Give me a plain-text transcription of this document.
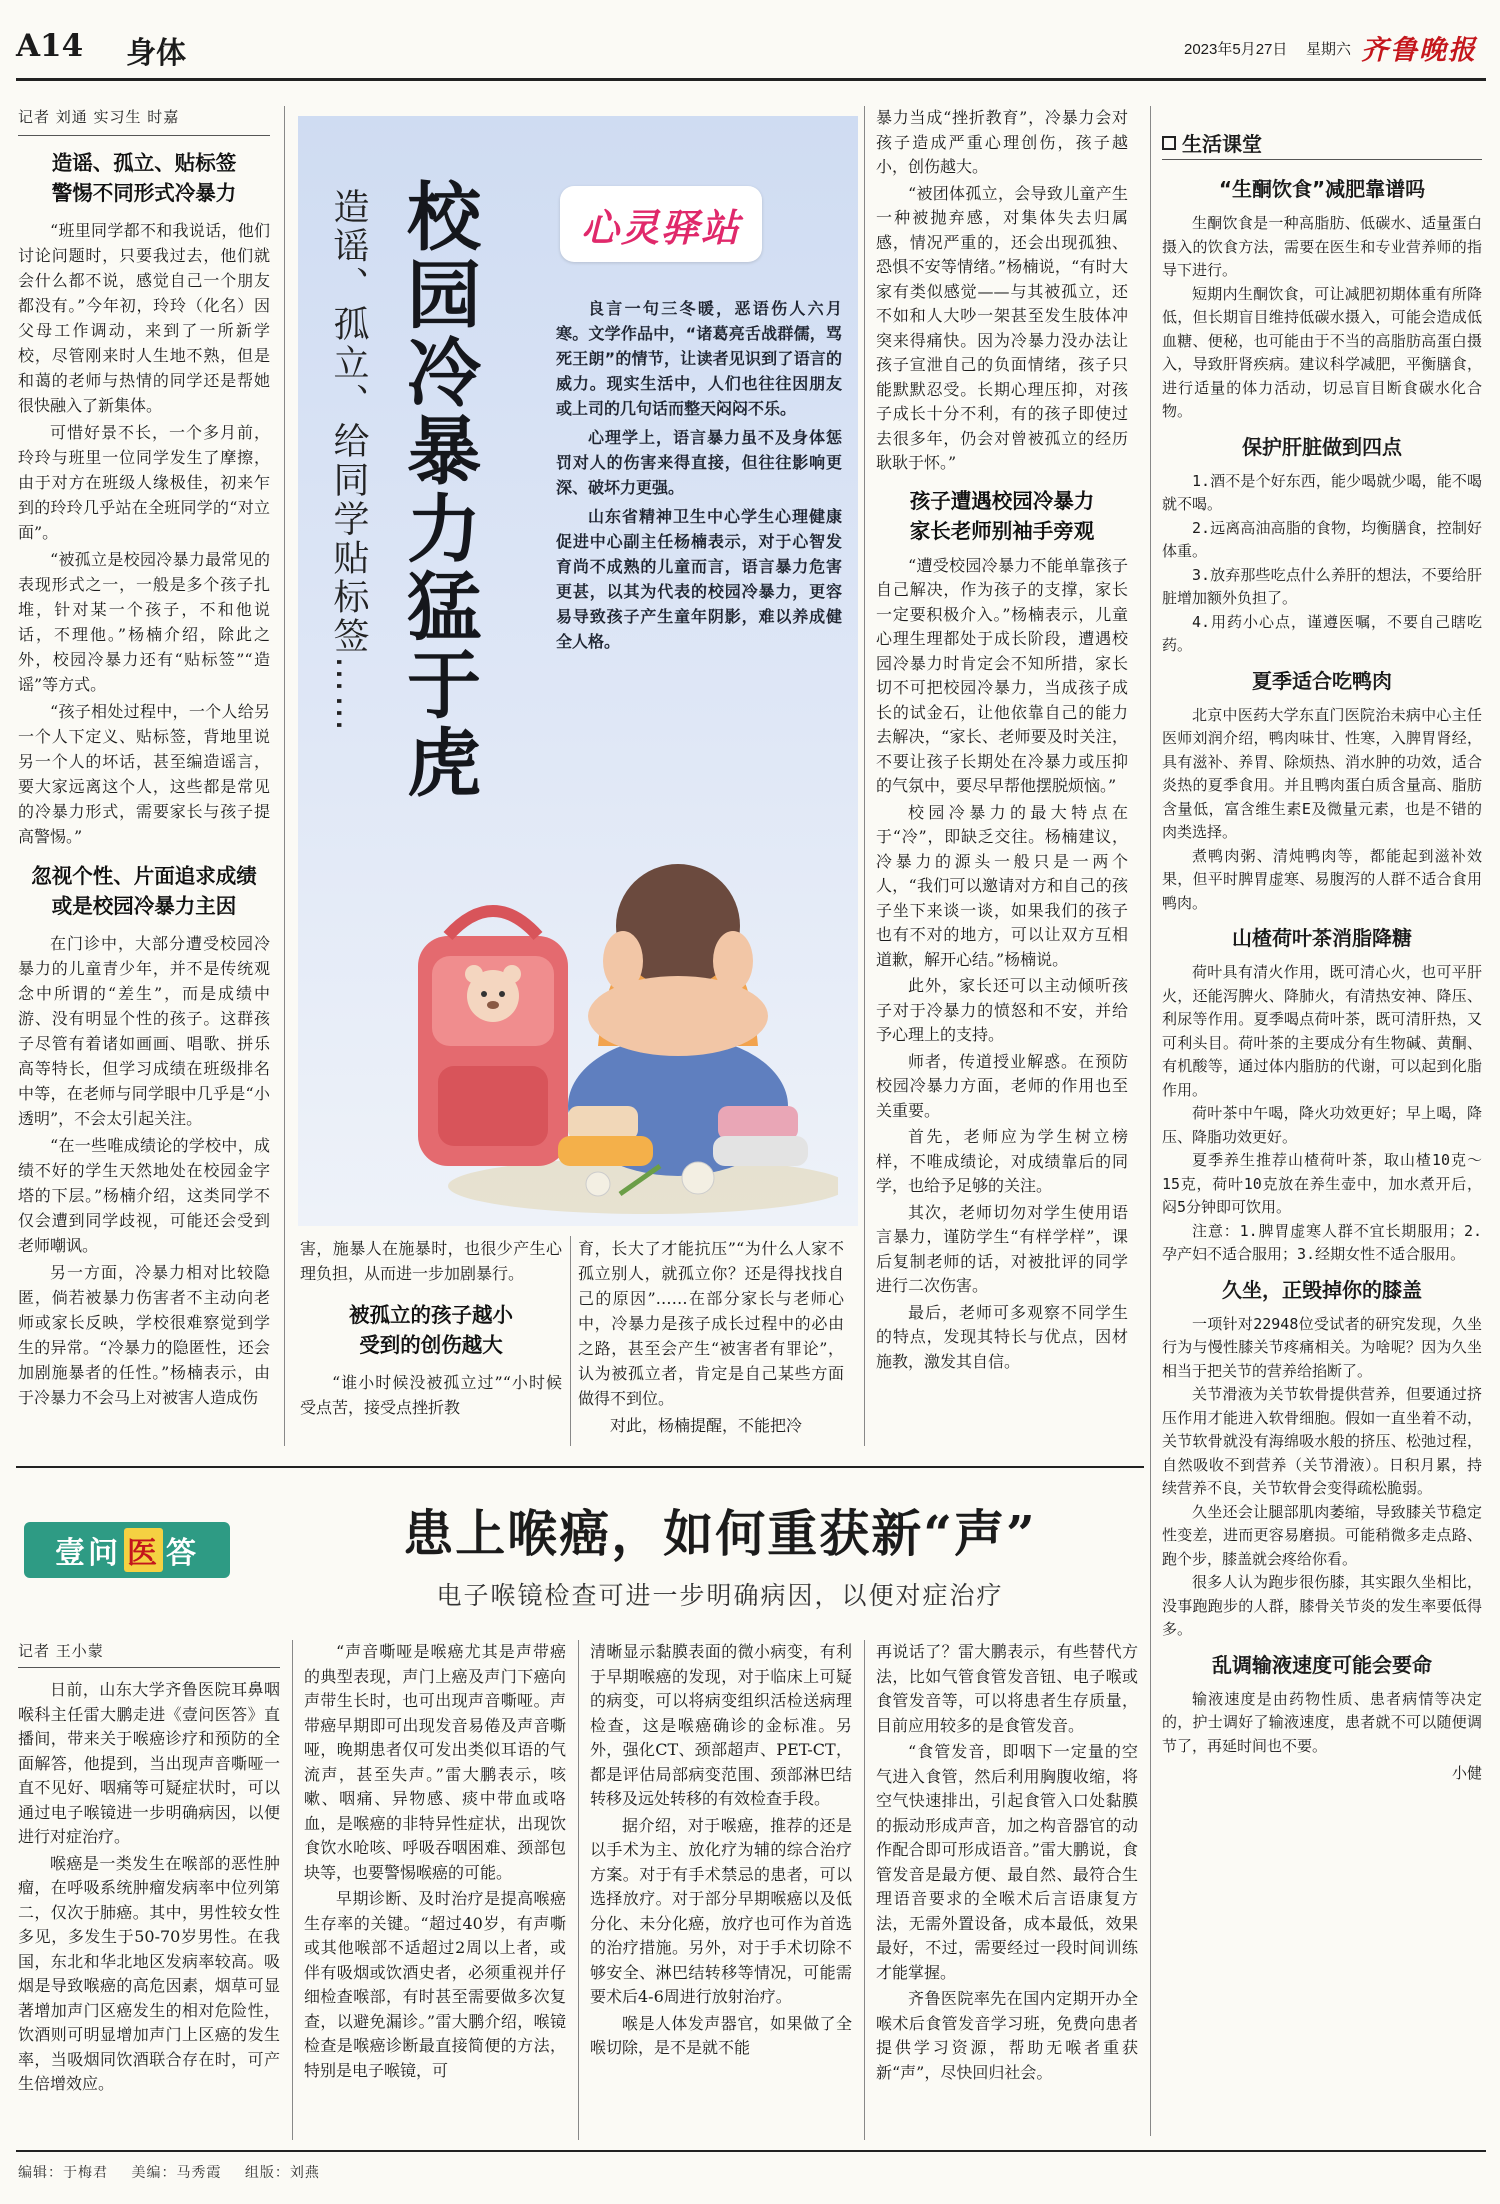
A14 身体	2023年5月27日 星期六 齐鲁晚报
记者 刘通 实习生 时嘉
造谣、孤立、贴标签
警惕不同形式冷暴力

“班里同学都不和我说话，他们讨论问题时，只要我过去，他们就会什么都不说，感觉自己一个朋友都没有。”今年初，玲玲（化名）因父母工作调动，来到了一所新学校，尽管刚来时人生地不熟，但是和蔼的老师与热情的同学还是帮她很快融入了新集体。

可惜好景不长，一个多月前，玲玲与班里一位同学发生了摩擦，由于对方在班级人缘极佳，初来乍到的玲玲几乎站在全班同学的“对立面”。

“被孤立是校园冷暴力最常见的表现形式之一，一般是多个孩子扎堆，针对某一个孩子，不和他说话，不理他。”杨楠介绍，除此之外，校园冷暴力还有“贴标签”“造谣”等方式。

“孩子相处过程中，一个人给另一个人下定义、贴标签，背地里说另一个人的坏话，甚至编造谣言，要大家远离这个人，这些都是常见的冷暴力形式，需要家长与孩子提高警惕。”

忽视个性、片面追求成绩
或是校园冷暴力主因

在门诊中，大部分遭受校园冷暴力的儿童青少年，并不是传统观念中所谓的“差生”，而是成绩中游、没有明显个性的孩子。这群孩子尽管有着诸如画画、唱歌、拼乐高等特长，但学习成绩在班级排名中等，在老师与同学眼中几乎是“小透明”，不会太引起关注。

“在一些唯成绩论的学校中，成绩不好的学生天然地处在校园金字塔的下层。”杨楠介绍，这类同学不仅会遭到同学歧视，可能还会受到老师嘲讽。

另一方面，冷暴力相对比较隐匿，倘若被暴力伤害者不主动向老师或家长反映，学校很难察觉到学生的异常。“冷暴力的隐匿性，还会加剧施暴者的任性。”杨楠表示，由于冷暴力不会马上对被害人造成伤

校园冷暴力猛于虎
造谣、孤立、给同学贴标签……	心灵驿站

良言一句三冬暖，恶语伤人六月寒。文学作品中，“诸葛亮舌战群儒，骂死王朗”的情节，让读者见识到了语言的威力。现实生活中，人们也往往因朋友或上司的几句话而整天闷闷不乐。

心理学上，语言暴力虽不及身体惩罚对人的伤害来得直接，但往往影响更深、破坏力更强。

山东省精神卫生中心学生心理健康促进中心副主任杨楠表示，对于心智发育尚不成熟的儿童而言，语言暴力危害更甚，以其为代表的校园冷暴力，更容易导致孩子产生童年阴影，难以养成健全人格。

害，施暴人在施暴时，也很少产生心理负担，从而进一步加剧暴行。

被孤立的孩子越小
受到的创伤越大

“谁小时候没被孤立过”“小时候受点苦，接受点挫折教

育，长大了才能抗压”“为什么人家不孤立别人，就孤立你？还是得找找自己的原因”……在部分家长与老师心中，冷暴力是孩子成长过程中的必由之路，甚至会产生“被害者有罪论”，认为被孤立者，肯定是自己某些方面做得不到位。

对此，杨楠提醒，不能把冷

暴力当成“挫折教育”，冷暴力会对孩子造成严重心理创伤，孩子越小，创伤越大。

“被团体孤立，会导致儿童产生一种被抛弃感，对集体失去归属感，情况严重的，还会出现孤独、恐惧不安等情绪。”杨楠说，“有时大家有类似感觉——与其被孤立，还不如和人大吵一架甚至发生肢体冲突来得痛快。因为冷暴力没办法让孩子宣泄自己的负面情绪，孩子只能默默忍受。长期心理压抑，对孩子成长十分不利，有的孩子即使过去很多年，仍会对曾被孤立的经历耿耿于怀。”

孩子遭遇校园冷暴力
家长老师别袖手旁观

“遭受校园冷暴力不能单靠孩子自己解决，作为孩子的支撑，家长一定要积极介入。”杨楠表示，儿童心理生理都处于成长阶段，遭遇校园冷暴力时肯定会不知所措，家长切不可把校园冷暴力，当成孩子成长的试金石，让他依靠自己的能力去解决，“家长、老师要及时关注，不要让孩子长期处在冷暴力或压抑的气氛中，要尽早帮他摆脱烦恼。”

校园冷暴力的最大特点在于“冷”，即缺乏交往。杨楠建议，冷暴力的源头一般只是一两个人，“我们可以邀请对方和自己的孩子坐下来谈一谈，如果我们的孩子也有不对的地方，可以让双方互相道歉，解开心结。”杨楠说。

此外，家长还可以主动倾听孩子对于冷暴力的愤怒和不安，并给予心理上的支持。

师者，传道授业解惑。在预防校园冷暴力方面，老师的作用也至关重要。

首先，老师应为学生树立榜样，不唯成绩论，对成绩靠后的同学，也给予足够的关注。

其次，老师切勿对学生使用语言暴力，谨防学生“有样学样”，课后复制老师的话，对被批评的同学进行二次伤害。

最后，老师可多观察不同学生的特点，发现其特长与优点，因材施教，激发其自信。

生活课堂
“生酮饮食”减肥靠谱吗

生酮饮食是一种高脂肪、低碳水、适量蛋白摄入的饮食方法，需要在医生和专业营养师的指导下进行。

短期内生酮饮食，可让减肥初期体重有所降低，但长期盲目维持低碳水摄入，可能会造成低血糖、便秘，也可能由于不当的高脂肪高蛋白摄入，导致肝肾疾病。建议科学减肥，平衡膳食，进行适量的体力活动，切忌盲目断食碳水化合物。

保护肝脏做到四点

1.酒不是个好东西，能少喝就少喝，能不喝就不喝。

2.远离高油高脂的食物，均衡膳食，控制好体重。

3.放弃那些吃点什么养肝的想法，不要给肝脏增加额外负担了。

4.用药小心点，谨遵医嘱，不要自己瞎吃药。

夏季适合吃鸭肉

北京中医药大学东直门医院治未病中心主任医师刘润介绍，鸭肉味甘、性寒，入脾胃肾经，具有滋补、养胃、除烦热、消水肿的功效，适合炎热的夏季食用。并且鸭肉蛋白质含量高、脂肪含量低，富含维生素E及微量元素，也是不错的肉类选择。

煮鸭肉粥、清炖鸭肉等，都能起到滋补效果，但平时脾胃虚寒、易腹泻的人群不适合食用鸭肉。

山楂荷叶茶消脂降糖

荷叶具有清火作用，既可清心火，也可平肝火，还能泻脾火、降肺火，有清热安神、降压、利尿等作用。夏季喝点荷叶茶，既可清肝热，又可利头目。荷叶茶的主要成分有生物碱、黄酮、有机酸等，通过体内脂肪的代谢，可以起到化脂作用。

荷叶茶中午喝，降火功效更好；早上喝，降压、降脂功效更好。

夏季养生推荐山楂荷叶茶，取山楂10克～15克，荷叶10克放在养生壶中，加水煮开后，闷5分钟即可饮用。

注意：1.脾胃虚寒人群不宜长期服用；2.孕产妇不适合服用；3.经期女性不适合服用。

久坐，正毁掉你的膝盖

一项针对22948位受试者的研究发现，久坐行为与慢性膝关节疼痛相关。为啥呢？因为久坐相当于把关节的营养给掐断了。

关节滑液为关节软骨提供营养，但要通过挤压作用才能进入软骨细胞。假如一直坐着不动，关节软骨就没有海绵吸水般的挤压、松弛过程，自然吸收不到营养（关节滑液）。日积月累，持续营养不良，关节软骨会变得疏松脆弱。

久坐还会让腿部肌肉萎缩，导致膝关节稳定性变差，进而更容易磨损。可能稍微多走点路、跑个步，膝盖就会疼给你看。

很多人认为跑步很伤膝，其实跟久坐相比，没事跑跑步的人群，膝骨关节炎的发生率要低得多。

乱调输液速度可能会要命

输液速度是由药物性质、患者病情等决定的，护士调好了输液速度，患者就不可以随便调节了，再延时间也不要。

小健
壹问 医 答	患上喉癌，如何重获新“声”
电子喉镜检查可进一步明确病因，以便对症治疗
记者 王小蒙

日前，山东大学齐鲁医院耳鼻咽喉科主任雷大鹏走进《壹问医答》直播间，带来关于喉癌诊疗和预防的全面解答，他提到，当出现声音嘶哑一直不见好、咽痛等可疑症状时，可以通过电子喉镜进一步明确病因，以便进行对症治疗。

喉癌是一类发生在喉部的恶性肿瘤，在呼吸系统肿瘤发病率中位列第二，仅次于肺癌。其中，男性较女性多见，多发生于50-70岁男性。在我国，东北和华北地区发病率较高。吸烟是导致喉癌的高危因素，烟草可显著增加声门区癌发生的相对危险性，饮酒则可明显增加声门上区癌的发生率，当吸烟同饮酒联合存在时，可产生倍增效应。

“声音嘶哑是喉癌尤其是声带癌的典型表现，声门上癌及声门下癌向声带生长时，也可出现声音嘶哑。声带癌早期即可出现发音易倦及声音嘶哑，晚期患者仅可发出类似耳语的气流声，甚至失声。”雷大鹏表示，咳嗽、咽痛、异物感、痰中带血或咯血，是喉癌的非特异性症状，出现饮食饮水呛咳、呼吸吞咽困难、颈部包块等，也要警惕喉癌的可能。

早期诊断、及时治疗是提高喉癌生存率的关键。“超过40岁，有声嘶或其他喉部不适超过2周以上者，或伴有吸烟或饮酒史者，必须重视并仔细检查喉部，有时甚至需要做多次复查，以避免漏诊。”雷大鹏介绍，喉镜检查是喉癌诊断最直接简便的方法，特别是电子喉镜，可

清晰显示黏膜表面的微小病变，有利于早期喉癌的发现，对于临床上可疑的病变，可以将病变组织活检送病理检查，这是喉癌确诊的金标准。另外，强化CT、颈部超声、PET-CT，都是评估局部病变范围、颈部淋巴结转移及远处转移的有效检查手段。

据介绍，对于喉癌，推荐的还是以手术为主、放化疗为辅的综合治疗方案。对于有手术禁忌的患者，可以选择放疗。对于部分早期喉癌以及低分化、未分化癌，放疗也可作为首选的治疗措施。另外，对于手术切除不够安全、淋巴结转移等情况，可能需要术后4-6周进行放射治疗。

喉是人体发声器官，如果做了全喉切除，是不是就不能

再说话了？雷大鹏表示，有些替代方法，比如气管食管发音钮、电子喉或食管发音等，可以将患者生存质量，目前应用较多的是食管发音。

“食管发音，即咽下一定量的空气进入食管，然后利用胸腹收缩，将空气快速排出，引起食管入口处黏膜的振动形成声音，加之构音器官的动作配合即可形成语音。”雷大鹏说，食管发音是最方便、最自然、最符合生理语音要求的全喉术后言语康复方法，无需外置设备，成本最低，效果最好，不过，需要经过一段时间训练才能掌握。

齐鲁医院率先在国内定期开办全喉术后食管发音学习班，免费向患者提供学习资源，帮助无喉者重获新“声”，尽快回归社会。

编辑：于梅君 美编：马秀霞 组版：刘燕
